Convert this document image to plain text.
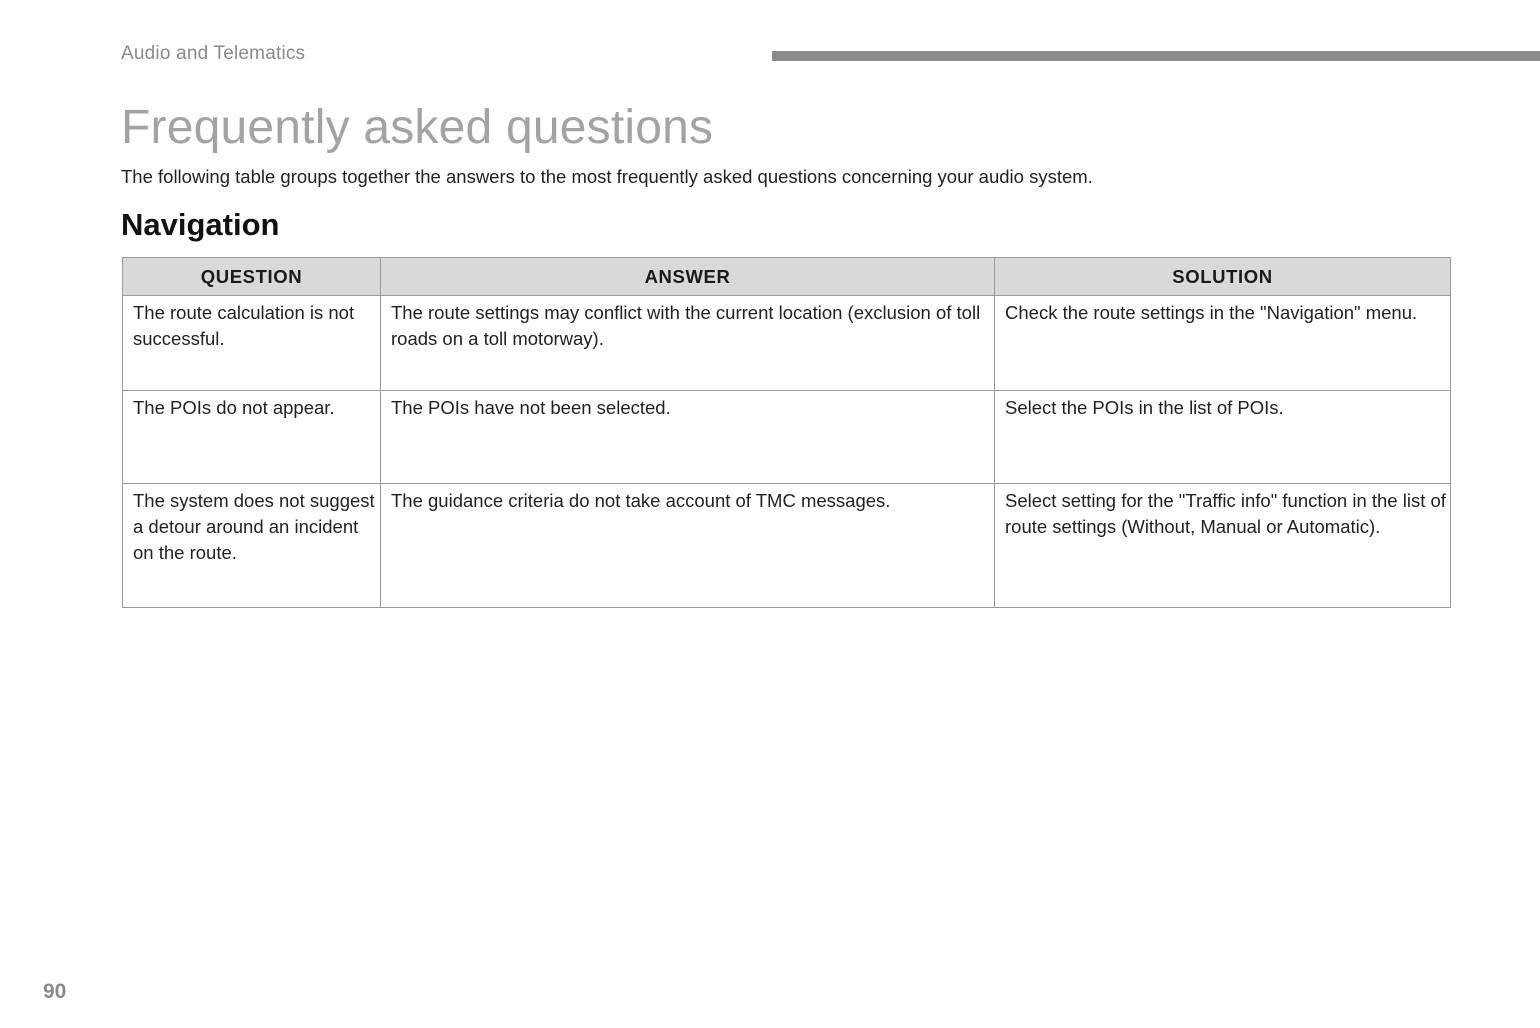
Audio and Telematics
Frequently asked questions

The following table groups together the answers to the most frequently asked questions concerning your audio system.

Navigation
QUESTION	ANSWER	SOLUTION
The route calculation is not successful.	The route settings may conflict with the current location (exclusion of toll roads on a toll motorway).	Check the route settings in the "Navigation" menu.
The POIs do not appear.	The POIs have not been selected.	Select the POIs in the list of POIs.
The system does not suggest a detour around an incident on the route.	The guidance criteria do not take account of TMC messages.	Select setting for the "Traffic info" function in the list of route settings (Without, Manual or Automatic).
90
